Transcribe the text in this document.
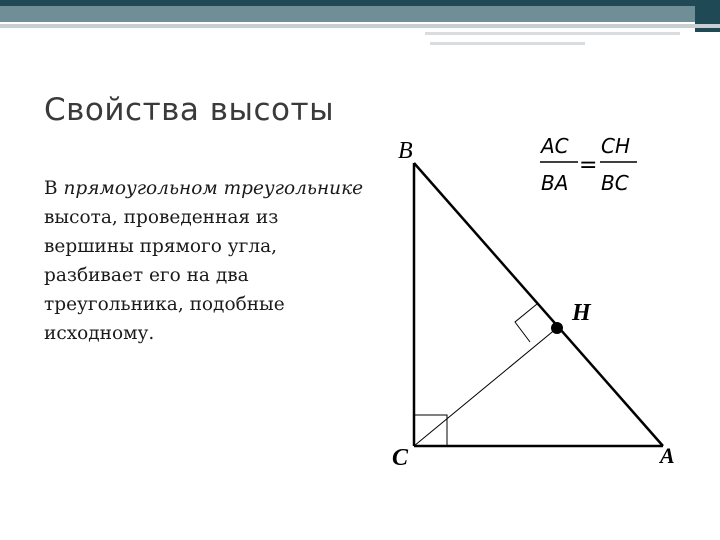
Свойства высоты
В прямоугольном треугольнике высота, проведенная из вершины прямого угла, разбивает его на два треугольника, подобные исходному.
B
C	A
H
AC
BA
=
CH
BC
